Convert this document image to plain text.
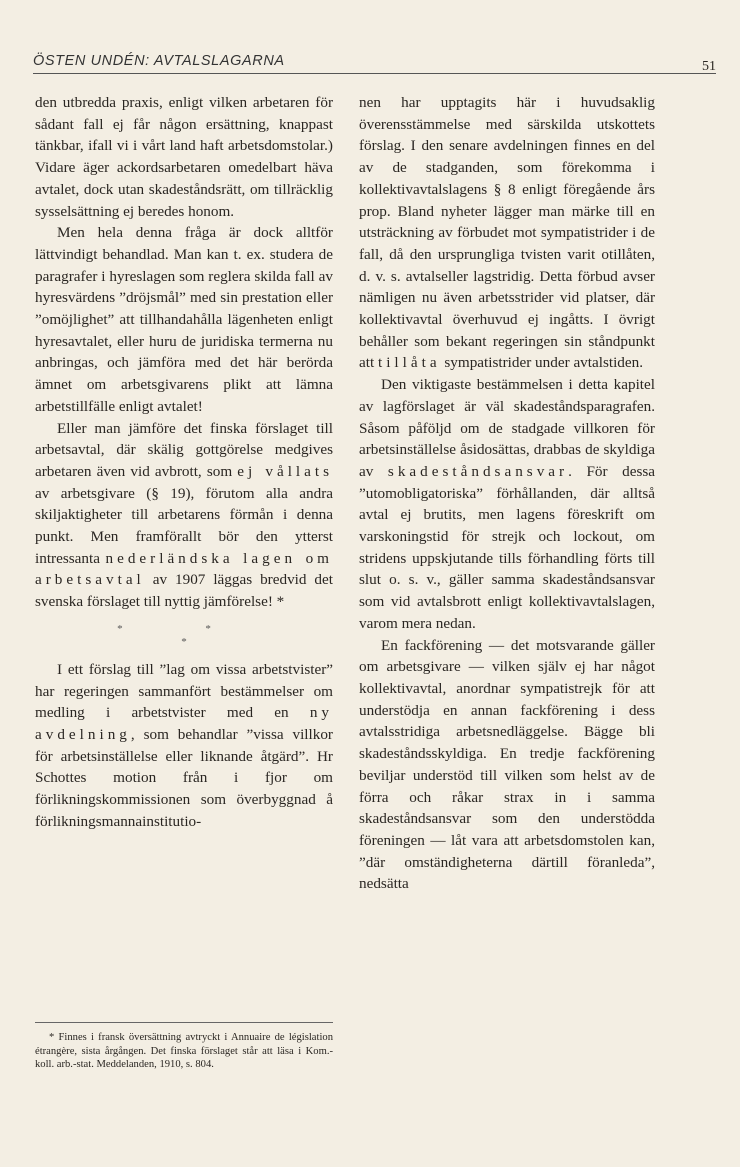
ÖSTEN UNDÉN: AVTALSLAGARNA	51

den utbredda praxis, enligt vilken arbetaren för sådant fall ej får någon ersättning, knappast tänkbar, ifall vi i vårt land haft arbetsdomstolar.) Vidare äger ackordsarbetaren omedelbart häva avtalet, dock utan skadeståndsrätt, om tillräcklig sysselsättning ej beredes honom.

Men hela denna fråga är dock alltför lättvindigt behandlad. Man kan t. ex. studera de paragrafer i hyreslagen som reglera skilda fall av hyresvärdens ”dröjsmål” med sin prestation eller ”omöjlighet” att tillhandahålla lägenheten enligt hyresavtalet, eller huru de juridiska termerna nu anbringas, och jämföra med det här berörda ämnet om arbetsgivarens plikt att lämna arbetstillfälle enligt avtalet!

Eller man jämföre det finska förslaget till arbetsavtal, där skälig gottgörelse medgives arbetaren även vid avbrott, som ej vållats av arbetsgivare (§ 19), förutom alla andra skiljaktigheter till arbetarens förmån i denna punkt. Men framförallt bör den ytterst intressanta nederländska lagen om arbetsavtal av 1907 läggas bredvid det svenska förslaget till nyttig jämförelse! *

* *
*

I ett förslag till ”lag om vissa arbetstvister” har regeringen sammanfört bestämmelser om medling i arbetstvister med en ny avdelning, som behandlar ”vissa villkor för arbetsinställelse eller liknande åtgärd”. Hr Schottes motion från i fjor om förlikningskommissionen som överbyggnad å förlikningsmannainstitutio-

* Finnes i fransk översättning avtryckt i Annuaire de législation étrangère, sista årgången. Det finska förslaget står att läsa i Kom.-koll. arb.-stat. Meddelanden, 1910, s. 804.

nen har upptagits här i huvudsaklig överensstämmelse med särskilda utskottets förslag. I den senare avdelningen finnes en del av de stadganden, som förekomma i kollektivavtalslagens § 8 enligt föregående års prop. Bland nyheter lägger man märke till en utsträckning av förbudet mot sympatistrider i de fall, då den ursprungliga tvisten varit otillåten, d. v. s. avtalseller lagstridig. Detta förbud avser nämligen nu även arbetsstrider vid platser, där kollektivavtal överhuvud ej ingåtts. I övrigt behåller som bekant regeringen sin ståndpunkt att tillåta sympatistrider under avtalstiden.

Den viktigaste bestämmelsen i detta kapitel av lagförslaget är väl skadeståndsparagrafen. Såsom påföljd om de stadgade villkoren för arbetsinställelse åsidosättas, drabbas de skyldiga av skadeståndsansvar. För dessa ”utomobligatoriska” förhållanden, där alltså avtal ej brutits, men lagens föreskrift om varskoningstid för strejk och lockout, om stridens uppskjutande tills förhandling förts till slut o. s. v., gäller samma skadeståndsansvar som vid avtalsbrott enligt kollektivavtalslagen, varom mera nedan.

En fackförening — det motsvarande gäller om arbetsgivare — vilken själv ej har något kollektivavtal, anordnar sympatistrejk för att understödja en annan fackförening i dess avtalsstridiga arbetsnedläggelse. Bägge bli skadeståndsskyldiga. En tredje fackförening beviljar understöd till vilken som helst av de förra och råkar strax in i samma skadeståndsansvar som den understödda föreningen — låt vara att arbetsdomstolen kan, ”där omständigheterna därtill föranleda”, nedsätta
